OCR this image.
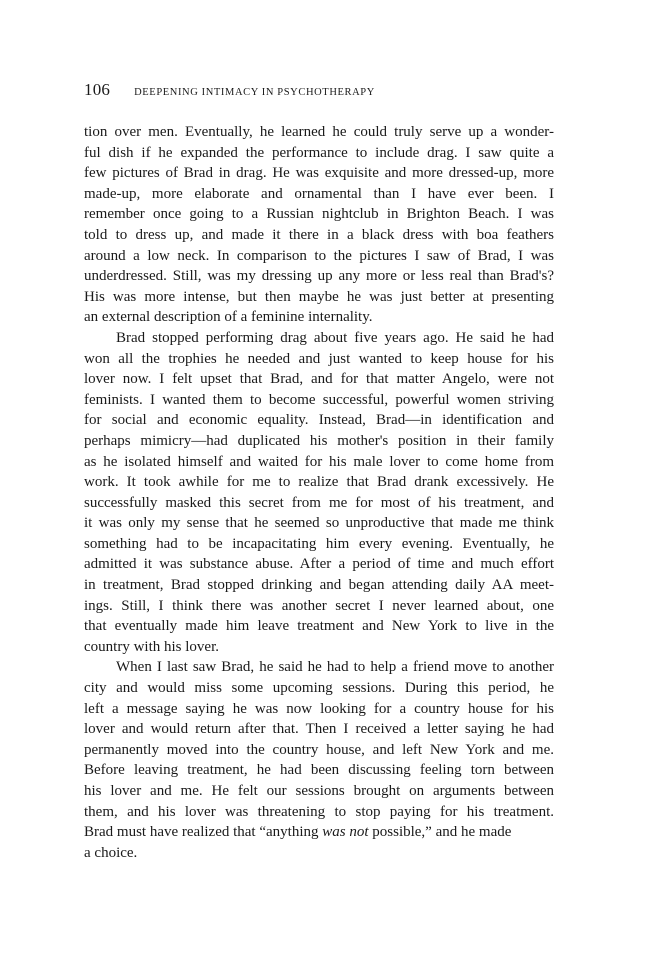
106 DEEPENING INTIMACY IN PSYCHOTHERAPY

tion over men. Eventually, he learned he could truly serve up a wonder-
ful dish if he expanded the performance to include drag. I saw quite a
few pictures of Brad in drag. He was exquisite and more dressed-up, more
made-up, more elaborate and ornamental than I have ever been. I
remember once going to a Russian nightclub in Brighton Beach. I was
told to dress up, and made it there in a black dress with boa feathers
around a low neck. In comparison to the pictures I saw of Brad, I was
underdressed. Still, was my dressing up any more or less real than Brad's?
His was more intense, but then maybe he was just better at presenting
an external description of a feminine internality.

Brad stopped performing drag about five years ago. He said he had
won all the trophies he needed and just wanted to keep house for his
lover now. I felt upset that Brad, and for that matter Angelo, were not
feminists. I wanted them to become successful, powerful women striving
for social and economic equality. Instead, Brad—in identification and
perhaps mimicry—had duplicated his mother's position in their family
as he isolated himself and waited for his male lover to come home from
work. It took awhile for me to realize that Brad drank excessively. He
successfully masked this secret from me for most of his treatment, and
it was only my sense that he seemed so unproductive that made me think
something had to be incapacitating him every evening. Eventually, he
admitted it was substance abuse. After a period of time and much effort
in treatment, Brad stopped drinking and began attending daily AA meet-
ings. Still, I think there was another secret I never learned about, one
that eventually made him leave treatment and New York to live in the
country with his lover.

When I last saw Brad, he said he had to help a friend move to another
city and would miss some upcoming sessions. During this period, he
left a message saying he was now looking for a country house for his
lover and would return after that. Then I received a letter saying he had
permanently moved into the country house, and left New York and me.
Before leaving treatment, he had been discussing feeling torn between
his lover and me. He felt our sessions brought on arguments between
them, and his lover was threatening to stop paying for his treatment.
Brad must have realized that “anything was not possible,” and he made
a choice.
